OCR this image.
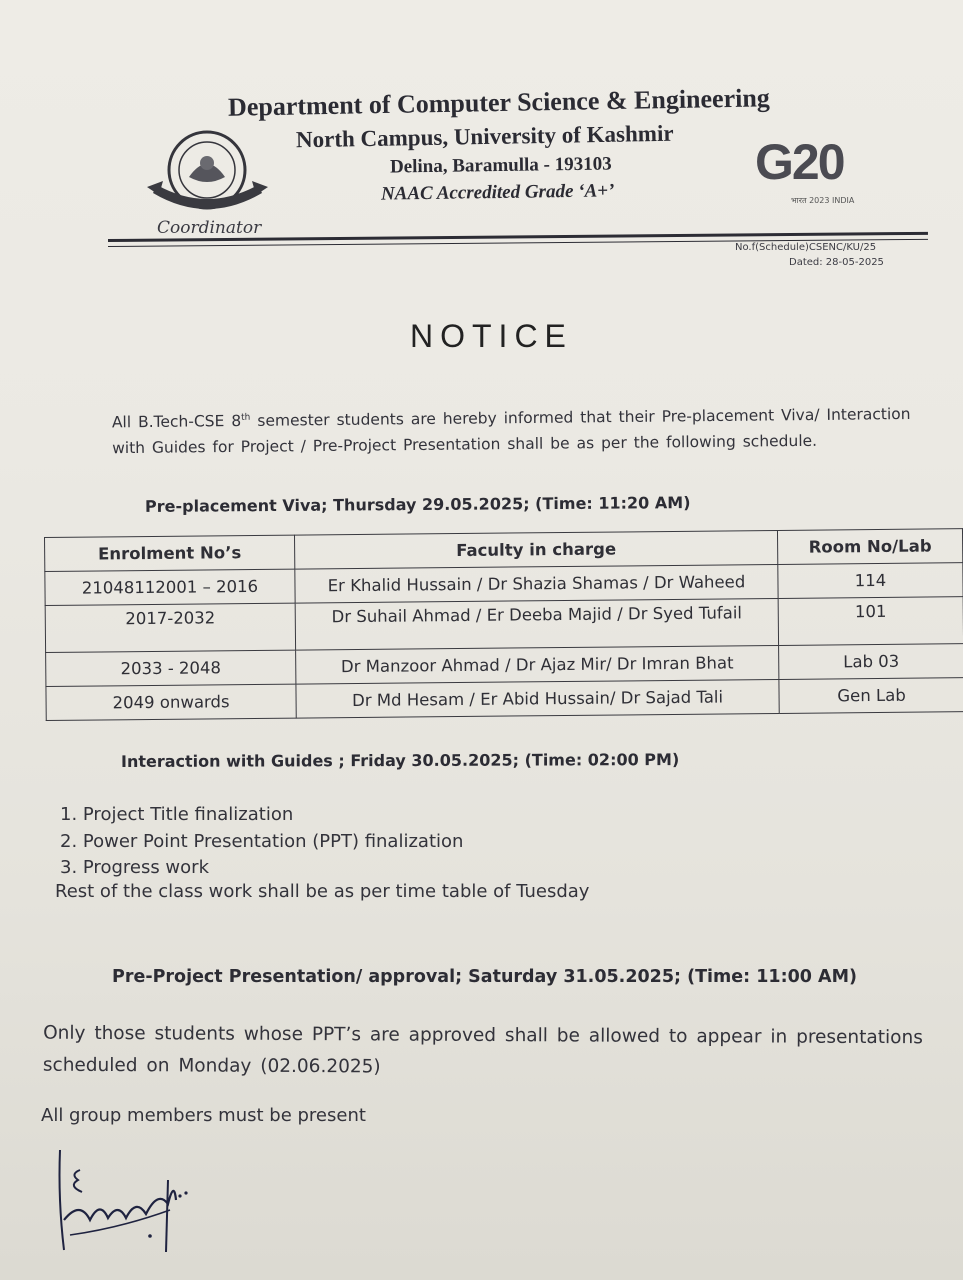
Coordinator
Department of Computer Science & Engineering
North Campus, University of Kashmir
Delina, Baramulla - 193103
NAAC Accredited Grade ‘A+’
G20
भारत 2023 INDIA
No.f(Schedule)CSENC/KU/25
Dated: 28-05-2025
NOTICE
All B.Tech-CSE 8th semester students are hereby informed that their Pre-placement Viva/ Interaction with Guides for Project / Pre-Project Presentation shall be as per the following schedule.
Pre-placement Viva; Thursday 29.05.2025; (Time: 11:20 AM)
Enrolment No’s	Faculty in charge	Room No/Lab
21048112001 – 2016	Er Khalid Hussain / Dr Shazia Shamas / Dr Waheed	114
2017-2032	Dr Suhail Ahmad / Er Deeba Majid / Dr Syed Tufail	101
2033 - 2048	Dr Manzoor Ahmad / Dr Ajaz Mir/ Dr Imran Bhat	Lab 03
2049 onwards	Dr Md Hesam / Er Abid Hussain/ Dr Sajad Tali	Gen Lab
Interaction with Guides ; Friday 30.05.2025; (Time: 02:00 PM)
1. Project Title finalization
2. Power Point Presentation (PPT) finalization
3. Progress work
Rest of the class work shall be as per time table of Tuesday
Pre-Project Presentation/ approval; Saturday 31.05.2025; (Time: 11:00 AM)
Only those students whose PPT’s are approved shall be allowed to appear in presentations scheduled on Monday (02.06.2025)
All group members must be present
